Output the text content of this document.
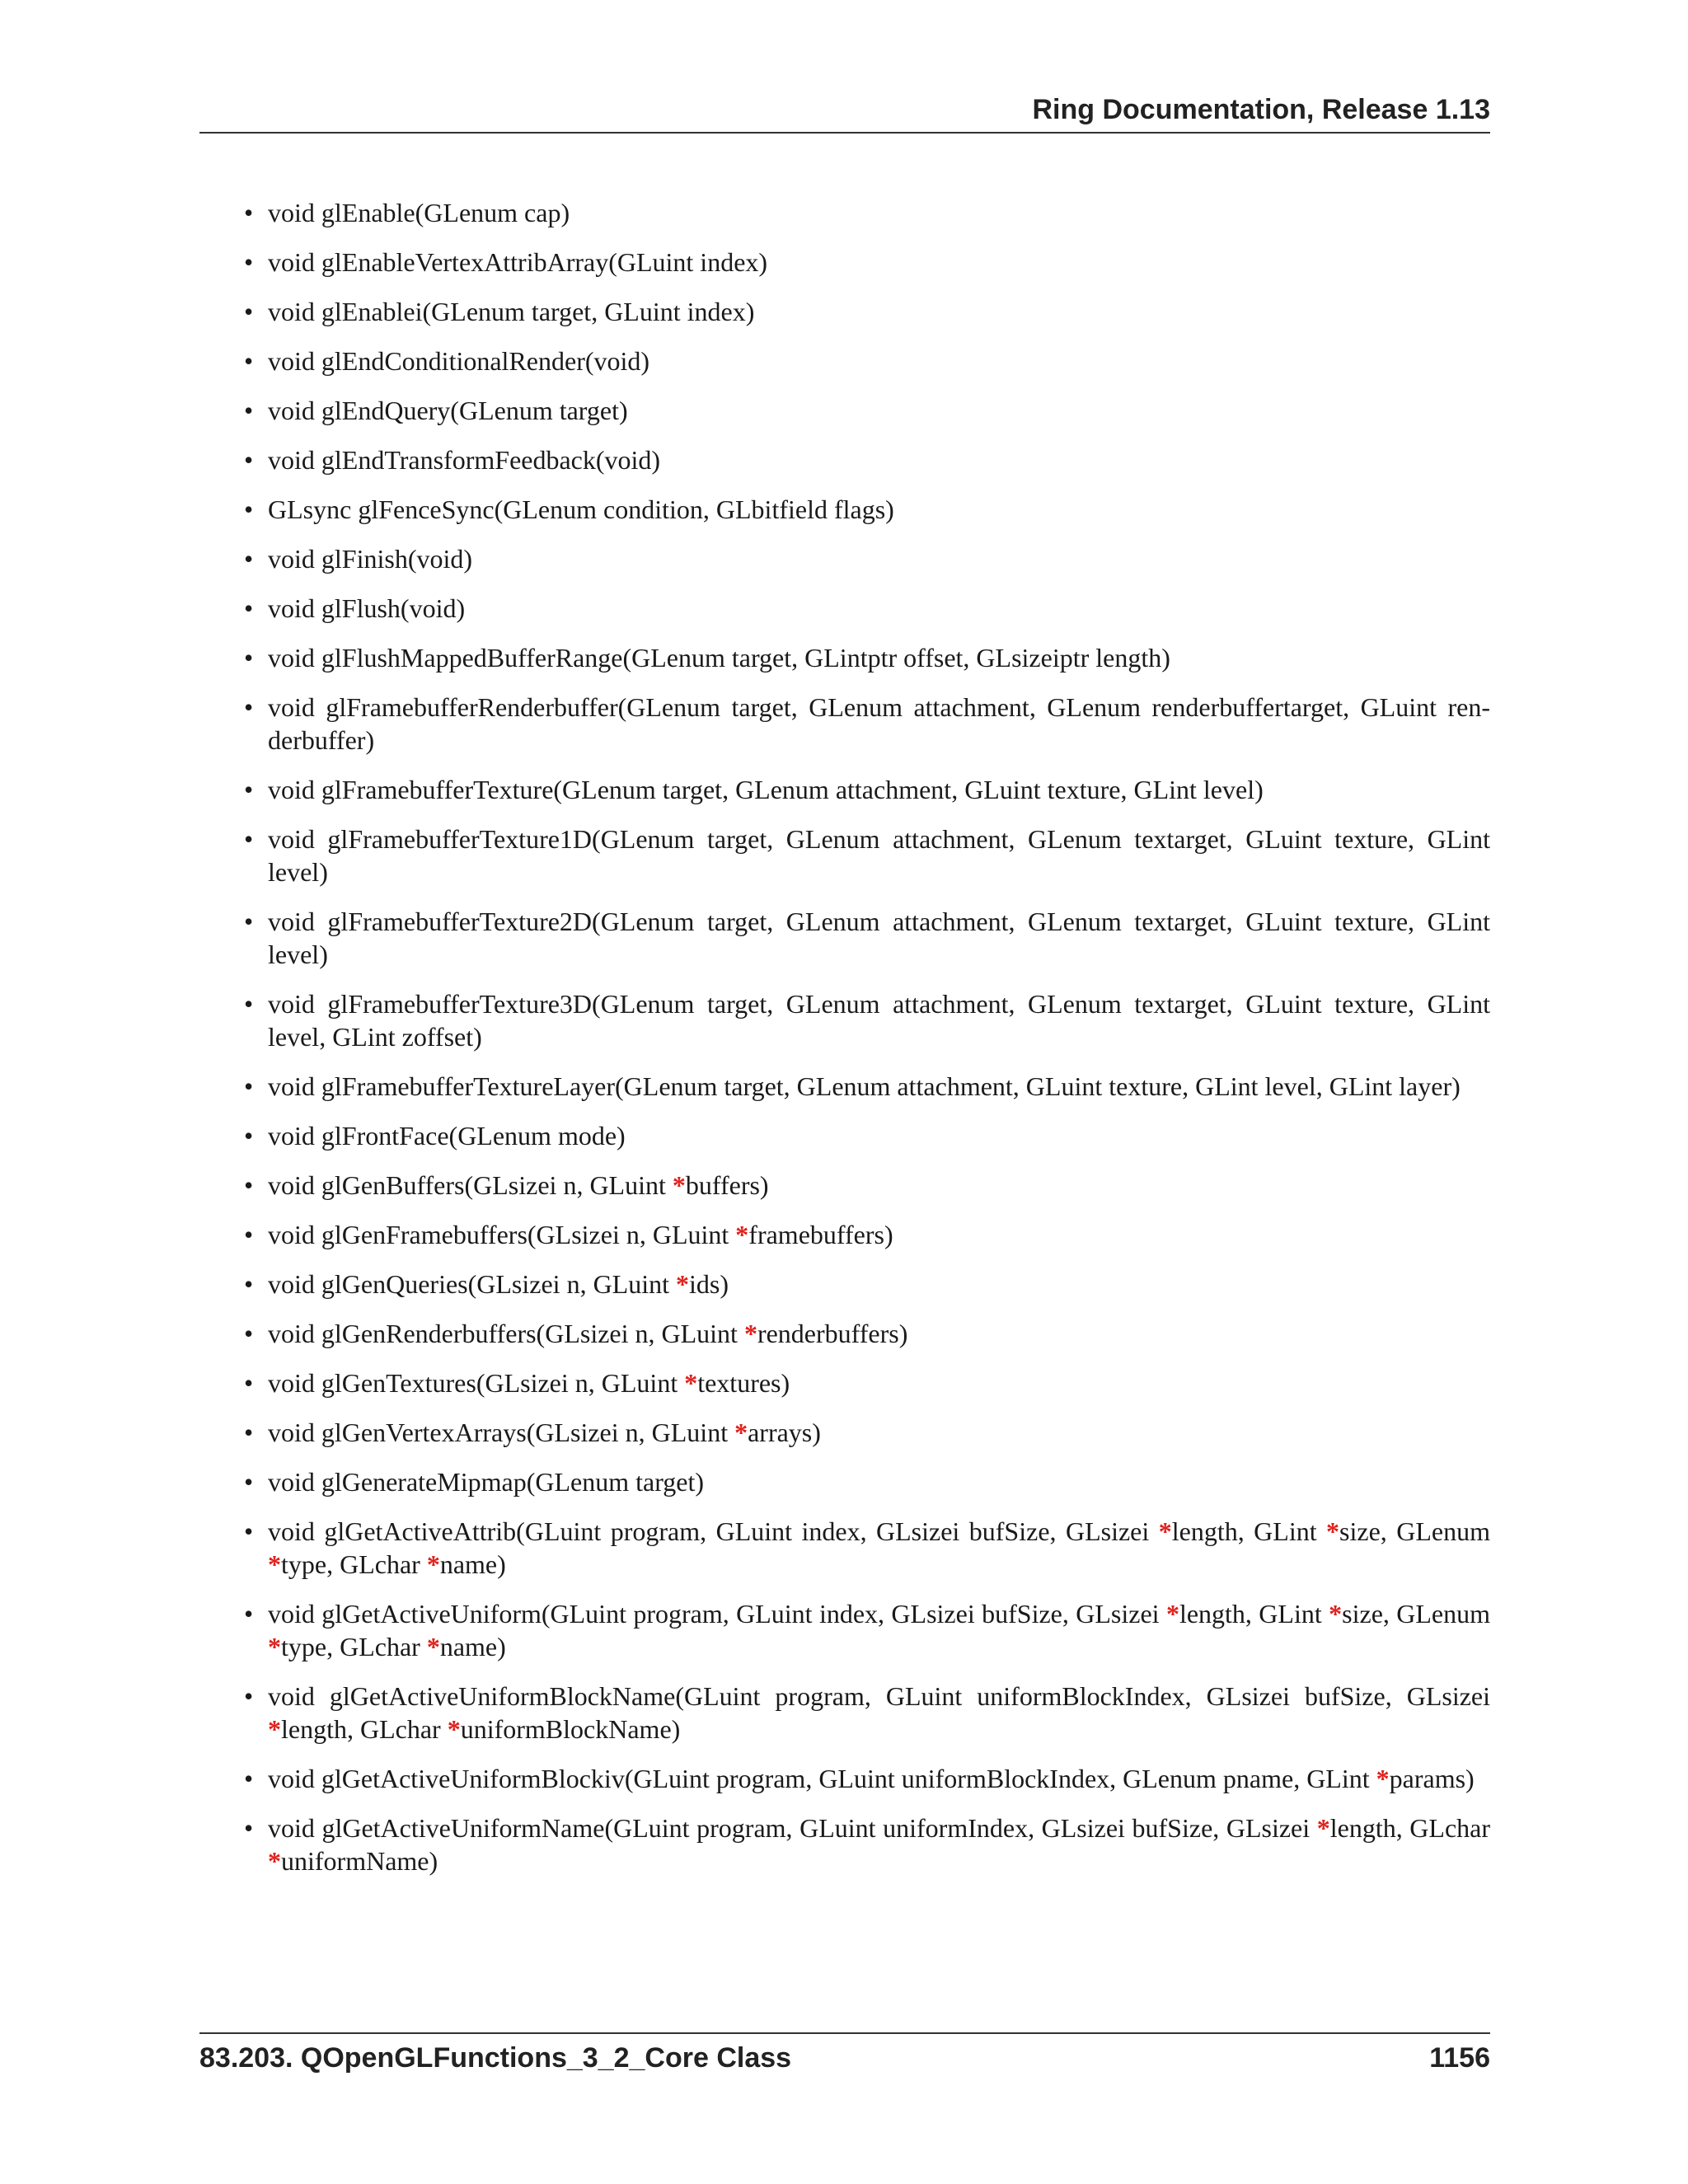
Ring Documentation, Release 1.13
• void glEnable(GLenum cap)
• void glEnableVertexAttribArray(GLuint index)
• void glEnablei(GLenum target, GLuint index)
• void glEndConditionalRender(void)
• void glEndQuery(GLenum target)
• void glEndTransformFeedback(void)
• GLsync glFenceSync(GLenum condition, GLbitfield flags)
• void glFinish(void)
• void glFlush(void)
• void glFlushMappedBufferRange(GLenum target, GLintptr offset, GLsizeiptr length)
• void glFramebufferRenderbuffer(GLenum target, GLenum attachment, GLenum renderbuffertarget, GLuint ren-derbuffer)
• void glFramebufferTexture(GLenum target, GLenum attachment, GLuint texture, GLint level)
• void glFramebufferTexture1D(GLenum target, GLenum attachment, GLenum textarget, GLuint texture, GLint level)
• void glFramebufferTexture2D(GLenum target, GLenum attachment, GLenum textarget, GLuint texture, GLint level)
• void glFramebufferTexture3D(GLenum target, GLenum attachment, GLenum textarget, GLuint texture, GLint level, GLint zoffset)
• void glFramebufferTextureLayer(GLenum target, GLenum attachment, GLuint texture, GLint level, GLint layer)
• void glFrontFace(GLenum mode)
• void glGenBuffers(GLsizei n, GLuint *buffers)
• void glGenFramebuffers(GLsizei n, GLuint *framebuffers)
• void glGenQueries(GLsizei n, GLuint *ids)
• void glGenRenderbuffers(GLsizei n, GLuint *renderbuffers)
• void glGenTextures(GLsizei n, GLuint *textures)
• void glGenVertexArrays(GLsizei n, GLuint *arrays)
• void glGenerateMipmap(GLenum target)
• void glGetActiveAttrib(GLuint program, GLuint index, GLsizei bufSize, GLsizei *length, GLint *size, GLenum *type, GLchar *name)
• void glGetActiveUniform(GLuint program, GLuint index, GLsizei bufSize, GLsizei *length, GLint *size, GLenum *type, GLchar *name)
• void glGetActiveUniformBlockName(GLuint program, GLuint uniformBlockIndex, GLsizei bufSize, GLsizei *length, GLchar *uniformBlockName)
• void glGetActiveUniformBlockiv(GLuint program, GLuint uniformBlockIndex, GLenum pname, GLint *params)
• void glGetActiveUniformName(GLuint program, GLuint uniformIndex, GLsizei bufSize, GLsizei *length, GLchar *uniformName)
83.203. QOpenGLFunctions_3_2_Core Class	1156
